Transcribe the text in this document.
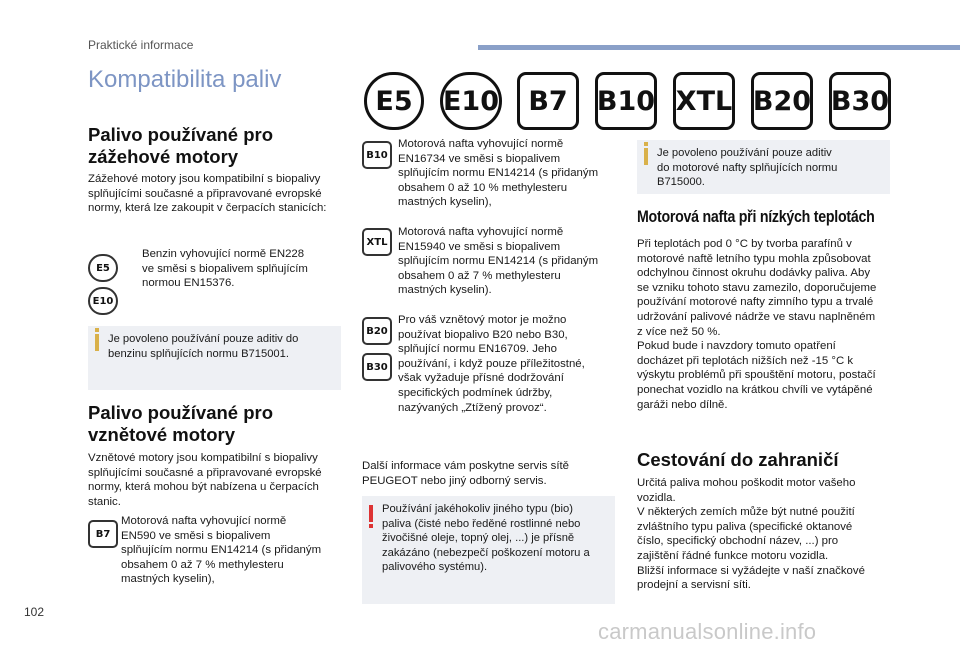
Praktické informace
Kompatibilita paliv
E5	E10	B7	B10 XTL B20 B30
Palivo používané pro
zážehové motory

Zážehové motory jsou kompatibilní s biopalivy
splňujícími současné a připravované evropské
normy, která lze zakoupit v čerpacích stanicích:

E5
E10

Benzin vyhovující normě EN228
ve směsi s biopalivem splňujícím
normou EN15376.

Je povoleno používání pouze aditiv do
benzinu splňujících normu B715001.

Palivo používané pro
vznětové motory

Vznětové motory jsou kompatibilní s biopalivy
splňujícími současné a připravované evropské
normy, která mohou být nabízena u čerpacích
stanic.

B7

Motorová nafta vyhovující normě
EN590 ve směsi s biopalivem
splňujícím normu EN14214 (s přidaným
obsahem 0 až 7 % methylesteru
mastných kyselin),

B10

Motorová nafta vyhovující normě
EN16734 ve směsi s biopalivem
splňujícím normu EN14214 (s přidaným
obsahem 0 až 10 % methylesteru
mastných kyselin),

XTL

Motorová nafta vyhovující normě
EN15940 ve směsi s biopalivem
splňujícím normu EN14214 (s přidaným
obsahem 0 až 7 % methylesteru
mastných kyselin).

B20
B30

Pro váš vznětový motor je možno
používat biopalivo B20 nebo B30,
splňující normu EN16709. Jeho
používání, i když pouze příležitostné,
však vyžaduje přísné dodržování
specifických podmínek údržby,
nazývaných „Ztížený provoz“.

Další informace vám poskytne servis sítě
PEUGEOT nebo jiný odborný servis.

Používání jakéhokoliv jiného typu (bio)
paliva (čisté nebo ředěné rostlinné nebo
živočišné oleje, topný olej, ...) je přísně
zakázáno (nebezpečí poškození motoru a
palivového systému).

Je povoleno používání pouze aditiv
do motorové nafty splňujících normu
B715000.

Motorová nafta při nízkých teplotách

Při teplotách pod 0 °C by tvorba parafínů v
motorové naftě letního typu mohla způsobovat
odchylnou činnost okruhu dodávky paliva. Aby
se vzniku tohoto stavu zamezilo, doporučujeme
používání motorové nafty zimního typu a trvalé
udržování palivové nádrže ve stavu naplněném
z více než 50 %.
Pokud bude i navzdory tomuto opatření
docházet při teplotách nižších než -15 °C k
výskytu problémů při spouštění motoru, postačí
ponechat vozidlo na krátkou chvíli ve vytápěné
garáži nebo dílně.

Cestování do zahraničí

Určitá paliva mohou poškodit motor vašeho
vozidla.
V některých zemích může být nutné použití
zvláštního typu paliva (specifické oktanové
číslo, specifický obchodní název, ...) pro
zajištění řádné funkce motoru vozidla.
Bližší informace si vyžádejte v naší značkové
prodejní a servisní síti.

102
carmanualsonline.info
